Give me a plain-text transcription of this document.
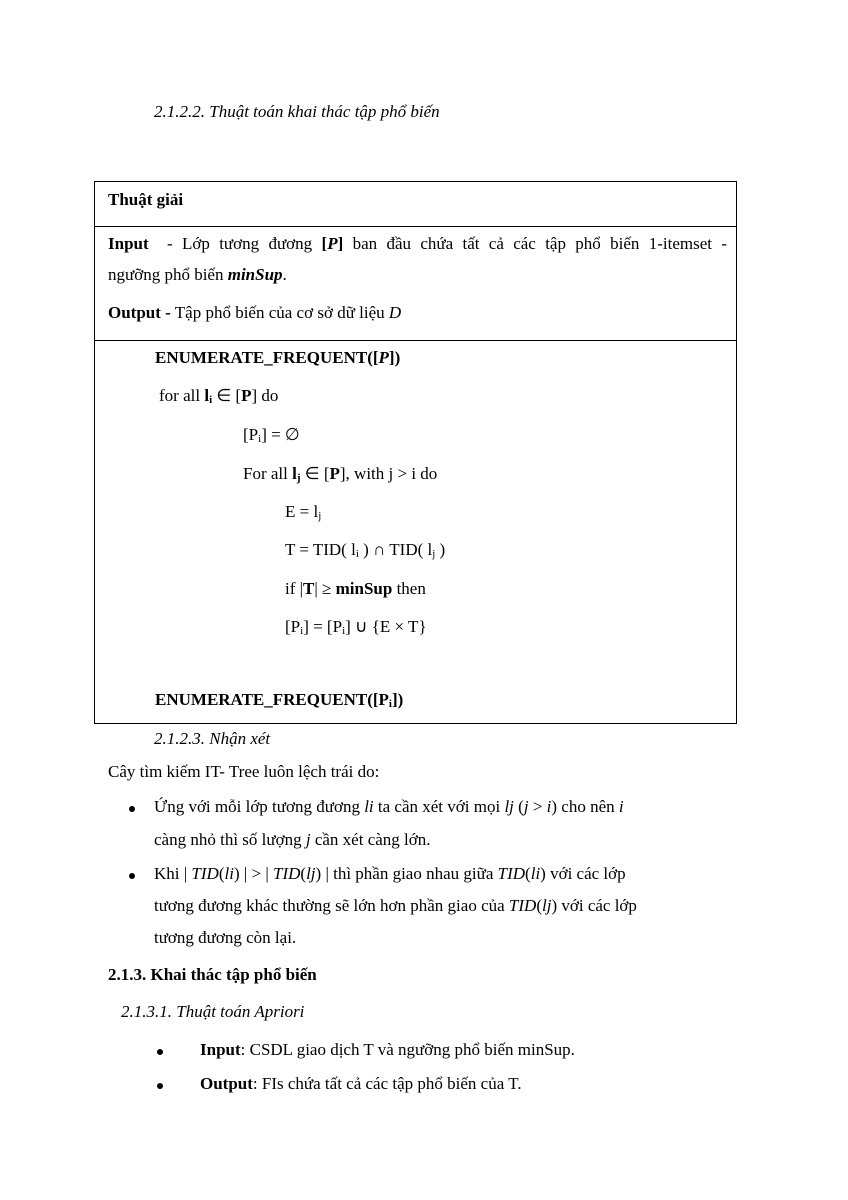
2.1.2.2. Thuật toán khai thác tập phổ biến
Thuật giải
Input - Lớp tương đương [P] ban đầu chứa tất cả các tập phổ biến 1-itemset -
ngưỡng phổ biến minSup.
Output - Tập phổ biến của cơ sở dữ liệu D
ENUMERATE_FREQUENT([P])
for all $l_i$ ∈ [P] do
$[P_i]$ = ∅
For all $l_j$ ∈ [P], with j > i do
$E = l_j$
T = TID( $l_i$ ) ∩ TID( $l_j$ )
if |T| ≥ minSup then
$[P_i] = [P_i]$ ∪ {E × T}
$ENUMERATE\_FREQUENT([P_i])$
2.1.2.3. Nhận xét
Cây tìm kiếm IT- Tree luôn lệch trái do:
Ứng với mỗi lớp tương đương li ta cần xét với mọi lj (j > i) cho nên i
càng nhỏ thì số lượng j cần xét càng lớn.
Khi | TID(li) | > | TID(lj) | thì phần giao nhau giữa TID(li) với các lớp
tương đương khác thường sẽ lớn hơn phần giao của TID(lj) với các lớp
tương đương còn lại.
2.1.3. Khai thác tập phổ biến
2.1.3.1. Thuật toán Apriori
Input: CSDL giao dịch T và ngưỡng phổ biến minSup.
Output: FIs chứa tất cả các tập phổ biến của T.
